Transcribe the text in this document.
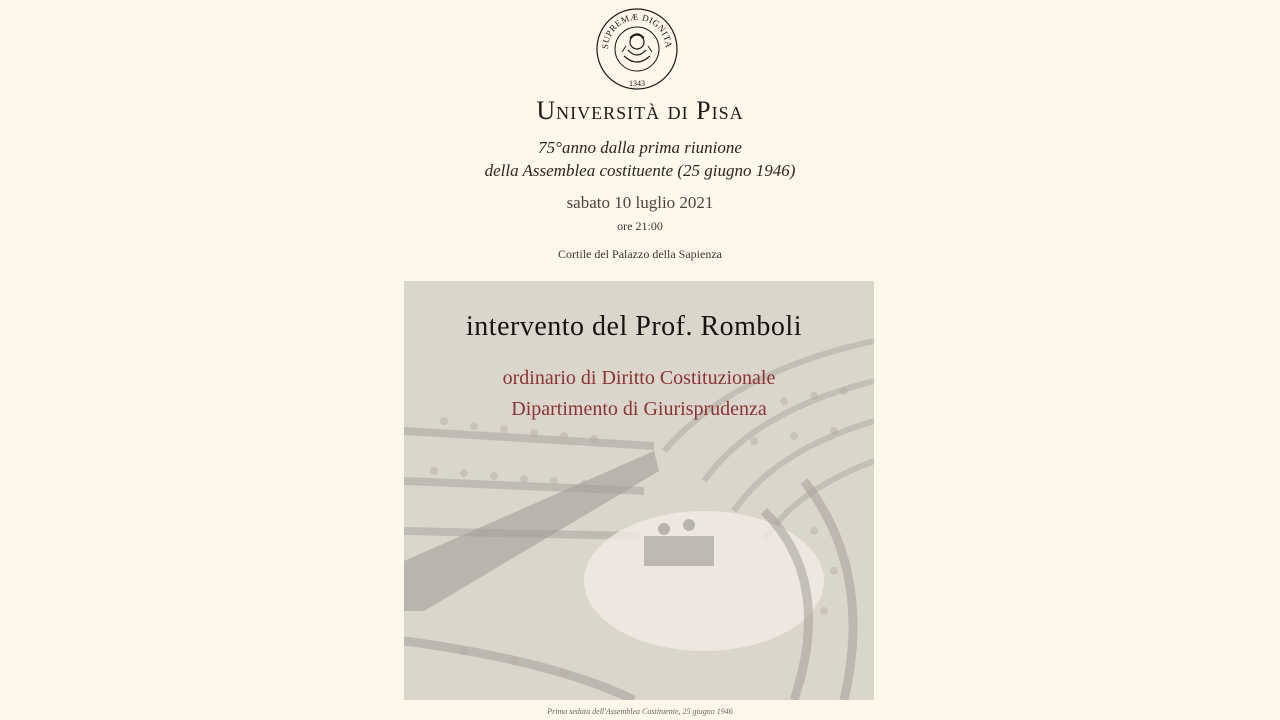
SUPREMÆ DIGNITA
1343
Università di Pisa
75°anno dalla prima riunione
della Assemblea costituente (25 giugno 1946)
sabato 10 luglio 2021
ore 21:00
Cortile del Palazzo della Sapienza
intervento del Prof. Romboli
ordinario di Diritto Costituzionale
Dipartimento di Giurisprudenza
Prima seduta dell'Assemblea Costituente, 25 giugno 1946
